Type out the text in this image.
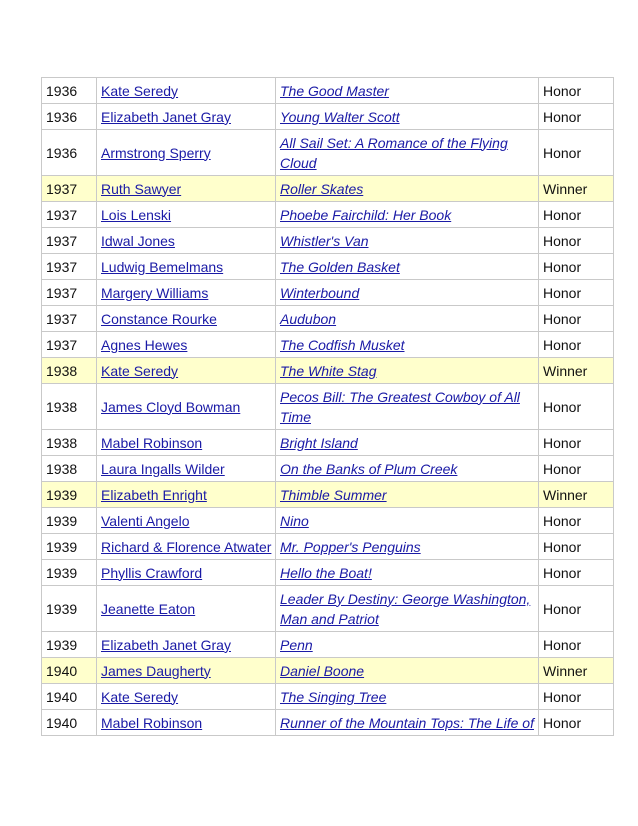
1936	Kate Seredy	The Good Master	Honor
1936	Elizabeth Janet Gray	Young Walter Scott	Honor
1936	Armstrong Sperry	All Sail Set: A Romance of the Flying Cloud	Honor
1937	Ruth Sawyer	Roller Skates	Winner
1937	Lois Lenski	Phoebe Fairchild: Her Book	Honor
1937	Idwal Jones	Whistler's Van	Honor
1937	Ludwig Bemelmans	The Golden Basket	Honor
1937	Margery Williams	Winterbound	Honor
1937	Constance Rourke	Audubon	Honor
1937	Agnes Hewes	The Codfish Musket	Honor
1938	Kate Seredy	The White Stag	Winner
1938	James Cloyd Bowman	Pecos Bill: The Greatest Cowboy of All Time	Honor
1938	Mabel Robinson	Bright Island	Honor
1938	Laura Ingalls Wilder	On the Banks of Plum Creek	Honor
1939	Elizabeth Enright	Thimble Summer	Winner
1939	Valenti Angelo	Nino	Honor
1939	Richard & Florence Atwater	Mr. Popper's Penguins	Honor
1939	Phyllis Crawford	Hello the Boat!	Honor
1939	Jeanette Eaton	Leader By Destiny: George Washington, Man and Patriot	Honor
1939	Elizabeth Janet Gray	Penn	Honor
1940	James Daugherty	Daniel Boone	Winner
1940	Kate Seredy	The Singing Tree	Honor
1940	Mabel Robinson	Runner of the Mountain Tops: The Life of	Honor
